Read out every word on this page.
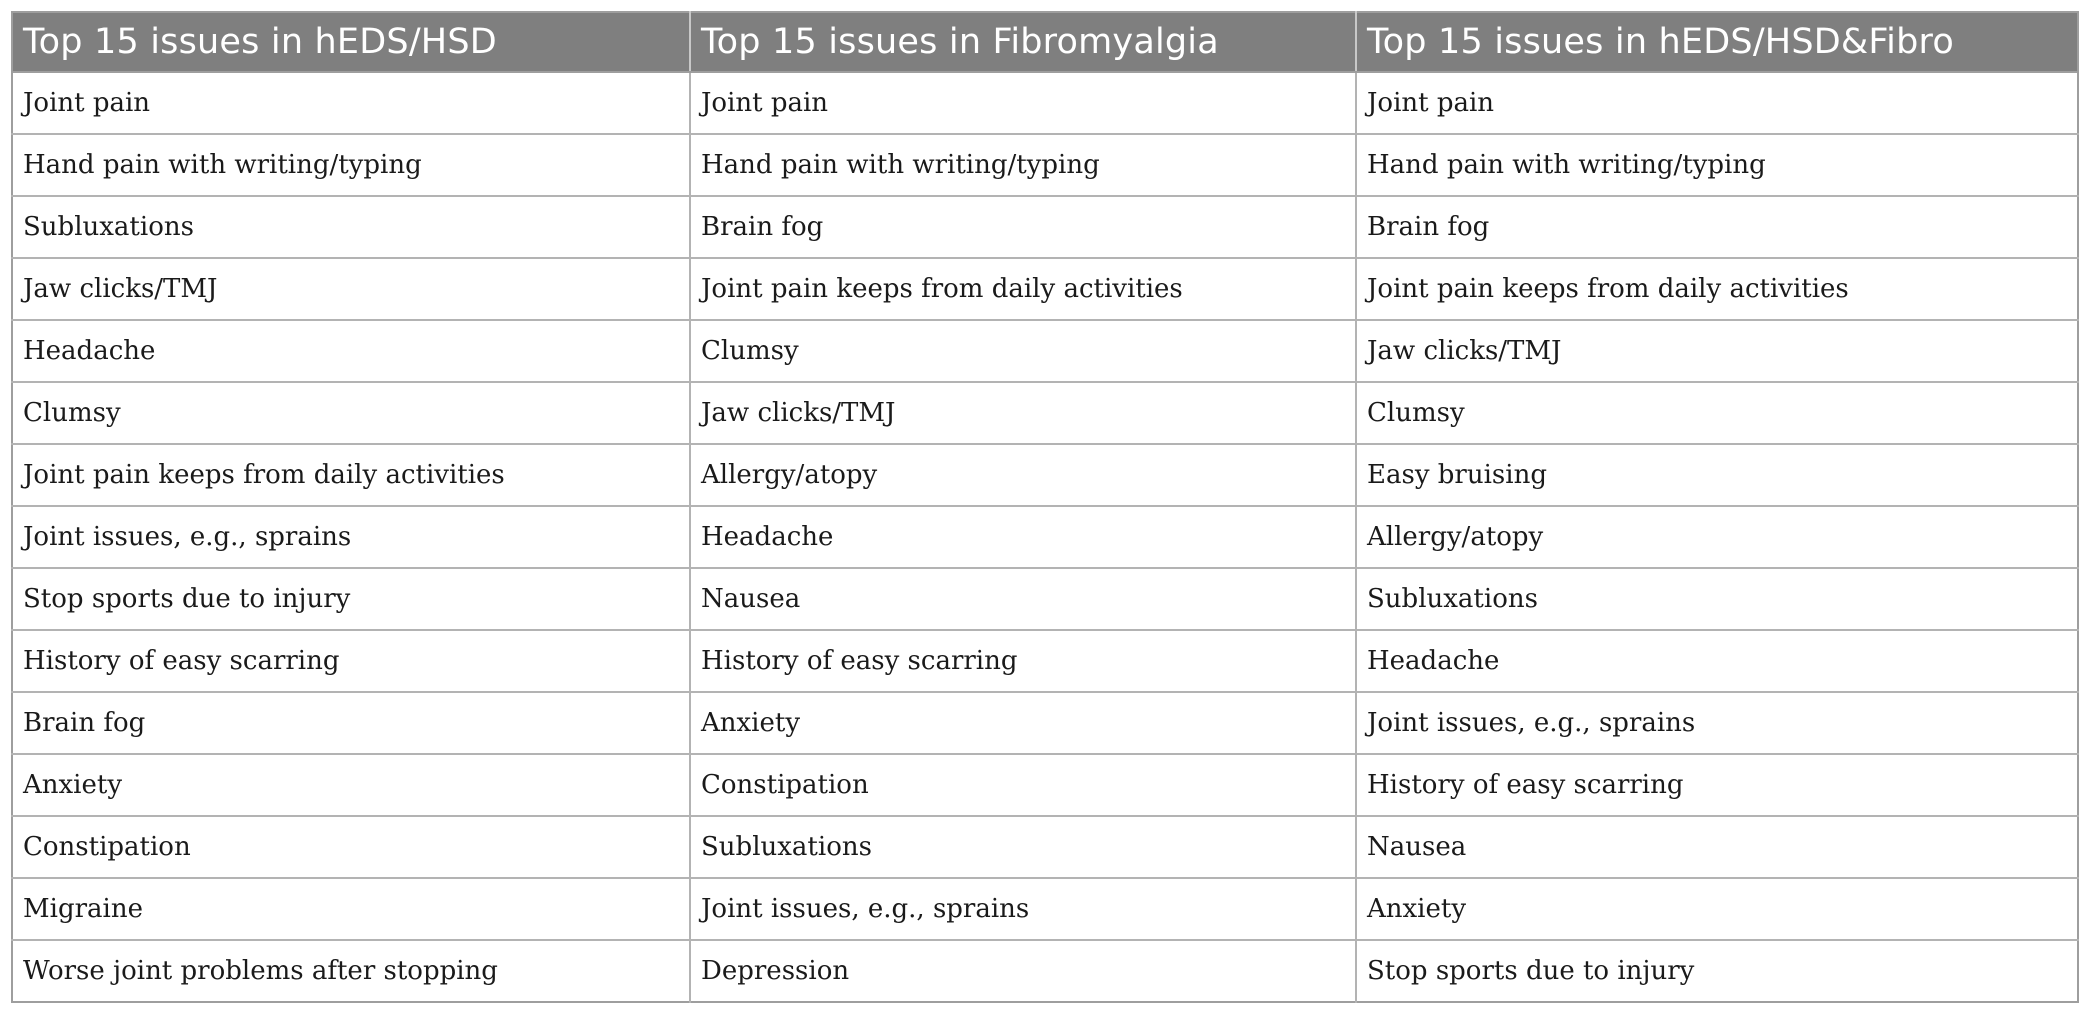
Top 15 issues in hEDS/HSD	Top 15 issues in Fibromyalgia	Top 15 issues in hEDS/HSD&Fibro
Joint pain	Joint pain	Joint pain
Hand pain with writing/typing	Hand pain with writing/typing	Hand pain with writing/typing
Subluxations	Brain fog	Brain fog
Jaw clicks/TMJ	Joint pain keeps from daily activities	Joint pain keeps from daily activities
Headache	Clumsy	Jaw clicks/TMJ
Clumsy	Jaw clicks/TMJ	Clumsy
Joint pain keeps from daily activities	Allergy/atopy	Easy bruising
Joint issues, e.g., sprains	Headache	Allergy/atopy
Stop sports due to injury	Nausea	Subluxations
History of easy scarring	History of easy scarring	Headache
Brain fog	Anxiety	Joint issues, e.g., sprains
Anxiety	Constipation	History of easy scarring
Constipation	Subluxations	Nausea
Migraine	Joint issues, e.g., sprains	Anxiety
Worse joint problems after stopping	Depression	Stop sports due to injury
